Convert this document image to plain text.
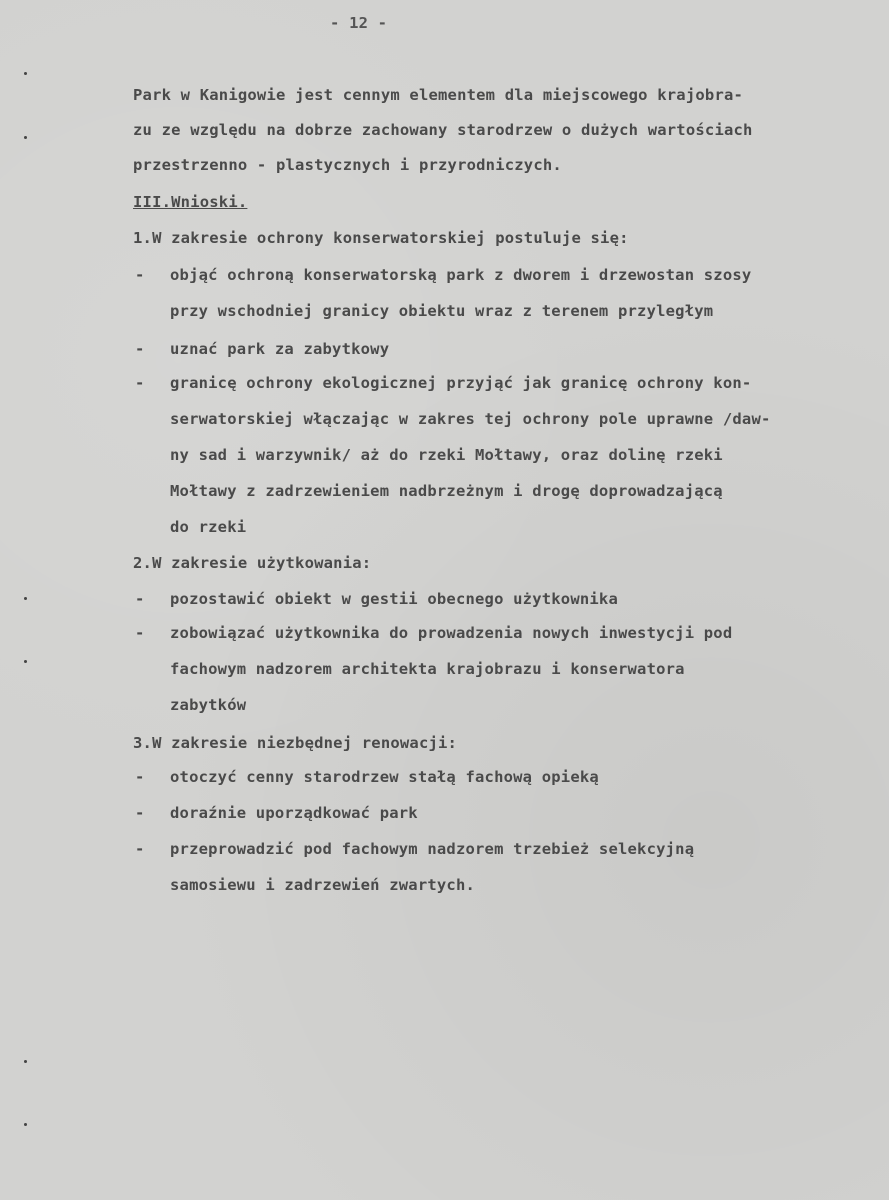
- 12 -
Park w Kanigowie jest cennym elementem dla miejscowego krajobra-
zu ze względu na dobrze zachowany starodrzew o dużych wartościach
przestrzenno - plastycznych i przyrodniczych.
III.Wnioski.
1.W zakresie ochrony konserwatorskiej postuluje się:
- objąć ochroną konserwatorską park z dworem i drzewostan szosy
przy wschodniej granicy obiektu wraz z terenem przyległym
- uznać park za zabytkowy
- granicę ochrony ekologicznej przyjąć jak granicę ochrony kon-
serwatorskiej włączając w zakres tej ochrony pole uprawne /daw-
ny sad i warzywnik/ aż do rzeki Mołtawy, oraz dolinę rzeki
Mołtawy z zadrzewieniem nadbrzeżnym i drogę doprowadzającą
do rzeki
2.W zakresie użytkowania:
- pozostawić obiekt w gestii obecnego użytkownika
- zobowiązać użytkownika do prowadzenia nowych inwestycji pod
fachowym nadzorem architekta krajobrazu i konserwatora
zabytków
3.W zakresie niezbędnej renowacji:
- otoczyć cenny starodrzew stałą fachową opieką
- doraźnie uporządkować park
- przeprowadzić pod fachowym nadzorem trzebież selekcyjną
samosiewu i zadrzewień zwartych.
